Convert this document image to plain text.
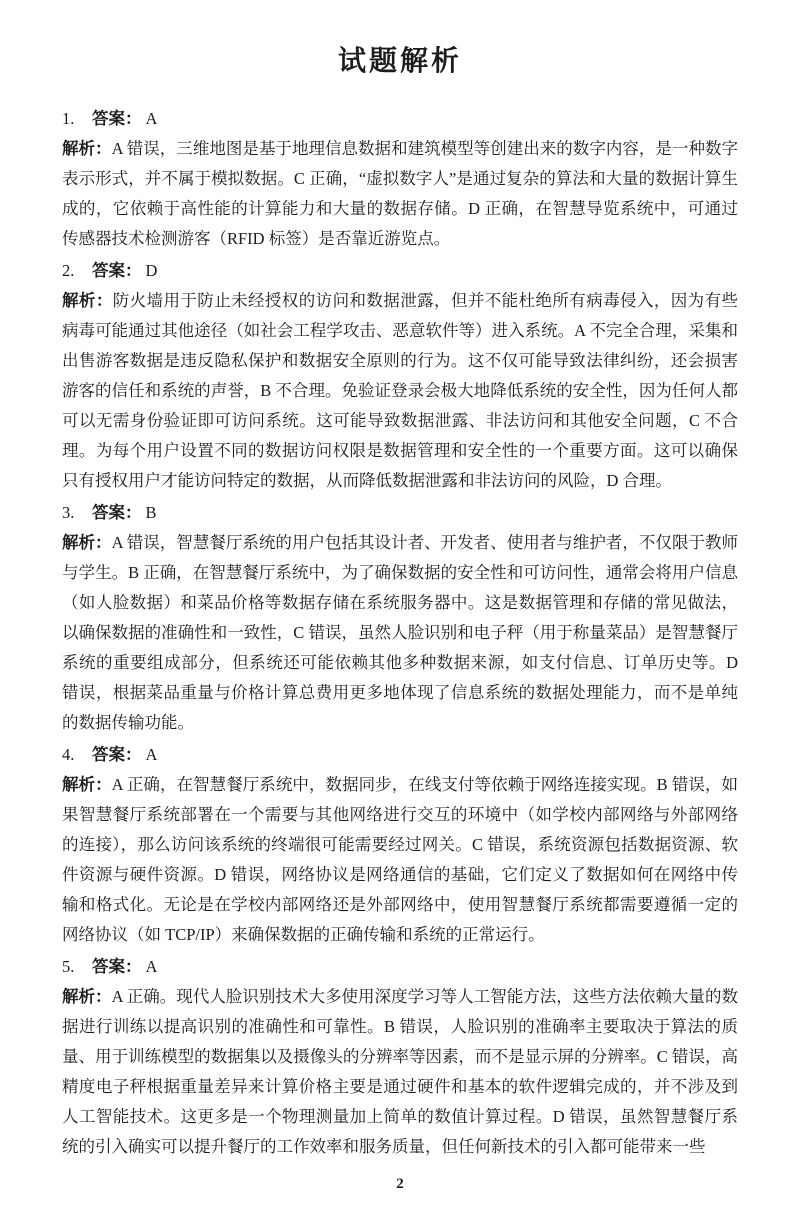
试题解析
1. 答案： A

解析：A 错误，三维地图是基于地理信息数据和建筑模型等创建出来的数字内容，是一种数字表示形式，并不属于模拟数据。C 正确，“虚拟数字人”是通过复杂的算法和大量的数据计算生成的，它依赖于高性能的计算能力和大量的数据存储。D 正确，在智慧导览系统中，可通过传感器技术检测游客（RFID 标签）是否靠近游览点。

2. 答案： D

解析：防火墙用于防止未经授权的访问和数据泄露，但并不能杜绝所有病毒侵入，因为有些病毒可能通过其他途径（如社会工程学攻击、恶意软件等）进入系统。A 不完全合理，采集和出售游客数据是违反隐私保护和数据安全原则的行为。这不仅可能导致法律纠纷，还会损害游客的信任和系统的声誉，B 不合理。免验证登录会极大地降低系统的安全性，因为任何人都可以无需身份验证即可访问系统。这可能导致数据泄露、非法访问和其他安全问题，C 不合理。为每个用户设置不同的数据访问权限是数据管理和安全性的一个重要方面。这可以确保只有授权用户才能访问特定的数据，从而降低数据泄露和非法访问的风险，D 合理。

3. 答案： B

解析：A 错误，智慧餐厅系统的用户包括其设计者、开发者、使用者与维护者，不仅限于教师与学生。B 正确，在智慧餐厅系统中，为了确保数据的安全性和可访问性，通常会将用户信息（如人脸数据）和菜品价格等数据存储在系统服务器中。这是数据管理和存储的常见做法，以确保数据的准确性和一致性，C 错误，虽然人脸识别和电子秤（用于称量菜品）是智慧餐厅系统的重要组成部分，但系统还可能依赖其他多种数据来源，如支付信息、订单历史等。D 错误，根据菜品重量与价格计算总费用更多地体现了信息系统的数据处理能力，而不是单纯的数据传输功能。

4. 答案： A

解析：A 正确，在智慧餐厅系统中，数据同步，在线支付等依赖于网络连接实现。B 错误，如果智慧餐厅系统部署在一个需要与其他网络进行交互的环境中（如学校内部网络与外部网络的连接），那么访问该系统的终端很可能需要经过网关。C 错误，系统资源包括数据资源、软件资源与硬件资源。D 错误，网络协议是网络通信的基础，它们定义了数据如何在网络中传输和格式化。无论是在学校内部网络还是外部网络中，使用智慧餐厅系统都需要遵循一定的网络协议（如 TCP/IP）来确保数据的正确传输和系统的正常运行。

5. 答案： A

解析：A 正确。现代人脸识别技术大多使用深度学习等人工智能方法，这些方法依赖大量的数据进行训练以提高识别的准确性和可靠性。B 错误，人脸识别的准确率主要取决于算法的质量、用于训练模型的数据集以及摄像头的分辨率等因素，而不是显示屏的分辨率。C 错误，高精度电子秤根据重量差异来计算价格主要是通过硬件和基本的软件逻辑完成的，并不涉及到人工智能技术。这更多是一个物理测量加上简单的数值计算过程。D 错误，虽然智慧餐厅系统的引入确实可以提升餐厅的工作效率和服务质量，但任何新技术的引入都可能带来一些

2
